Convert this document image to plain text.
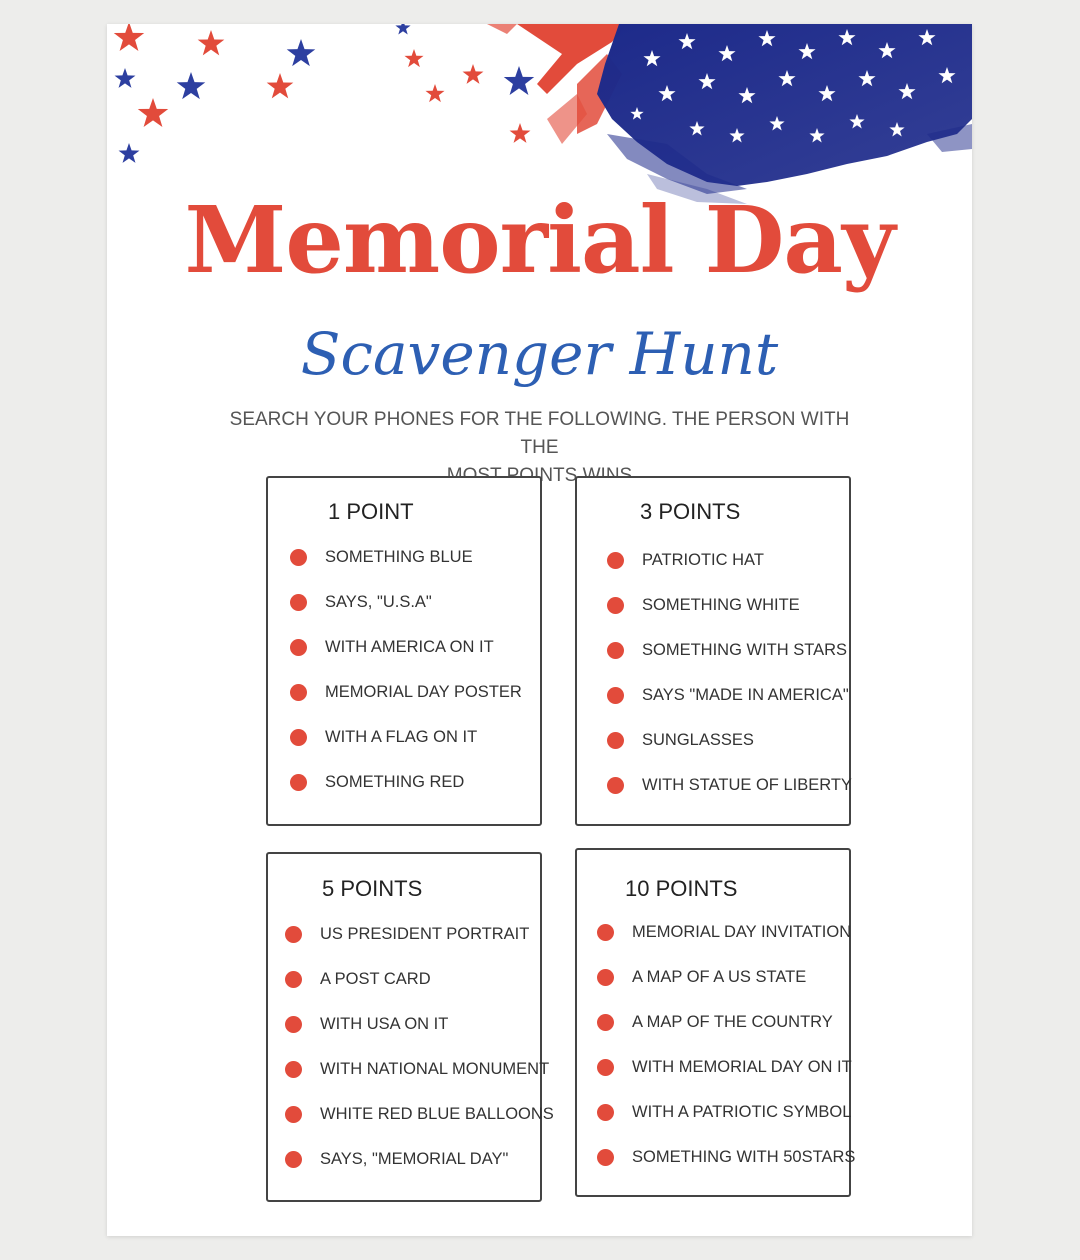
Memorial Day
Scavenger Hunt
SEARCH YOUR PHONES FOR THE FOLLOWING. THE PERSON WITH THE
POINTS
1 POINT
SOMETHING BLUE
SAYS, "U.S.A"
WITH AMERICA ON IT
MEMORIAL DAY POSTER
WITH A FLAG ON IT
SOMETHING RED
3 POINTS
PATRIOTIC HAT
SOMETHING WHITE
SOMETHING WITH STARS
SAYS "MADE IN AMERICA"
SUNGLASSES
WITH STATUE OF LIBERTY
5 POINTS
US PRESIDENT PORTRAIT
A POST CARD
WITH USA ON IT
WITH NATIONAL MONUMENT
WHITE RED BLUE BALLOONS
SAYS, "MEMORIAL DAY"
10 POINTS
MEMORIAL DAY INVITATION
A MAP OF A US STATE
A MAP OF THE COUNTRY
WITH MEMORIAL DAY ON IT
WITH A PATRIOTIC SYMBOL
SOMETHING WITH 50STARS
